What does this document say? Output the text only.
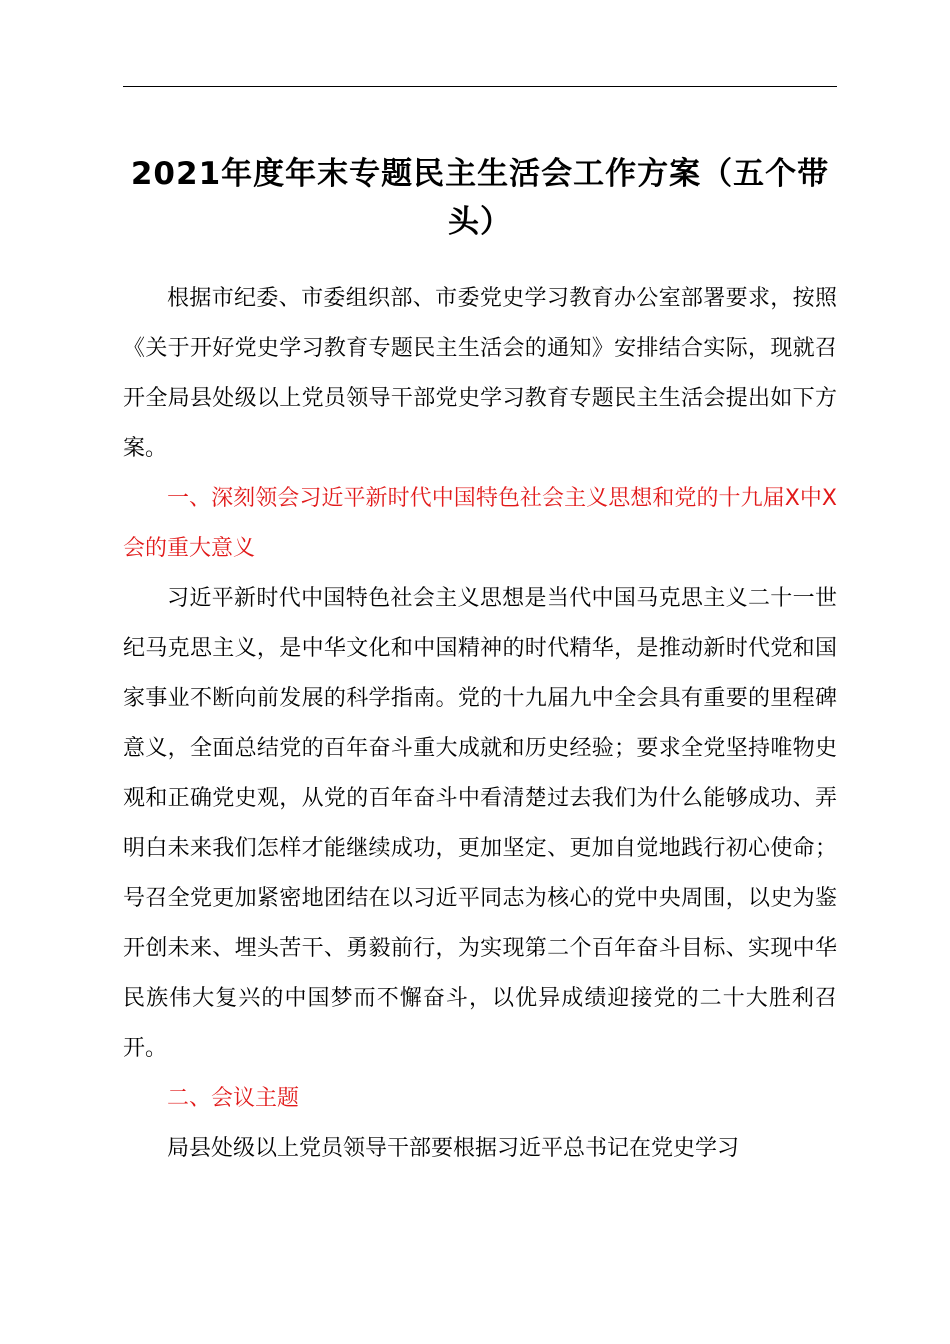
2021年度年末专题民主生活会工作方案（五个带头）

根据市纪委、市委组织部、市委党史学习教育办公室部署要求，按照《关于开好党史学习教育专题民主生活会的通知》安排结合实际，现就召开全局县处级以上党员领导干部党史学习教育专题民主生活会提出如下方案。

一、深刻领会习近平新时代中国特色社会主义思想和党的十九届X中X会的重大意义

习近平新时代中国特色社会主义思想是当代中国马克思主义二十一世纪马克思主义，是中华文化和中国精神的时代精华，是推动新时代党和国家事业不断向前发展的科学指南。党的十九届九中全会具有重要的里程碑意义，全面总结党的百年奋斗重大成就和历史经验；要求全党坚持唯物史观和正确党史观，从党的百年奋斗中看清楚过去我们为什么能够成功、弄明白未来我们怎样才能继续成功，更加坚定、更加自觉地践行初心使命；号召全党更加紧密地团结在以习近平同志为核心的党中央周围，以史为鉴开创未来、埋头苦干、勇毅前行，为实现第二个百年奋斗目标、实现中华民族伟大复兴的中国梦而不懈奋斗，以优异成绩迎接党的二十大胜利召开。

二、会议主题

局县处级以上党员领导干部要根据习近平总书记在党史学习
